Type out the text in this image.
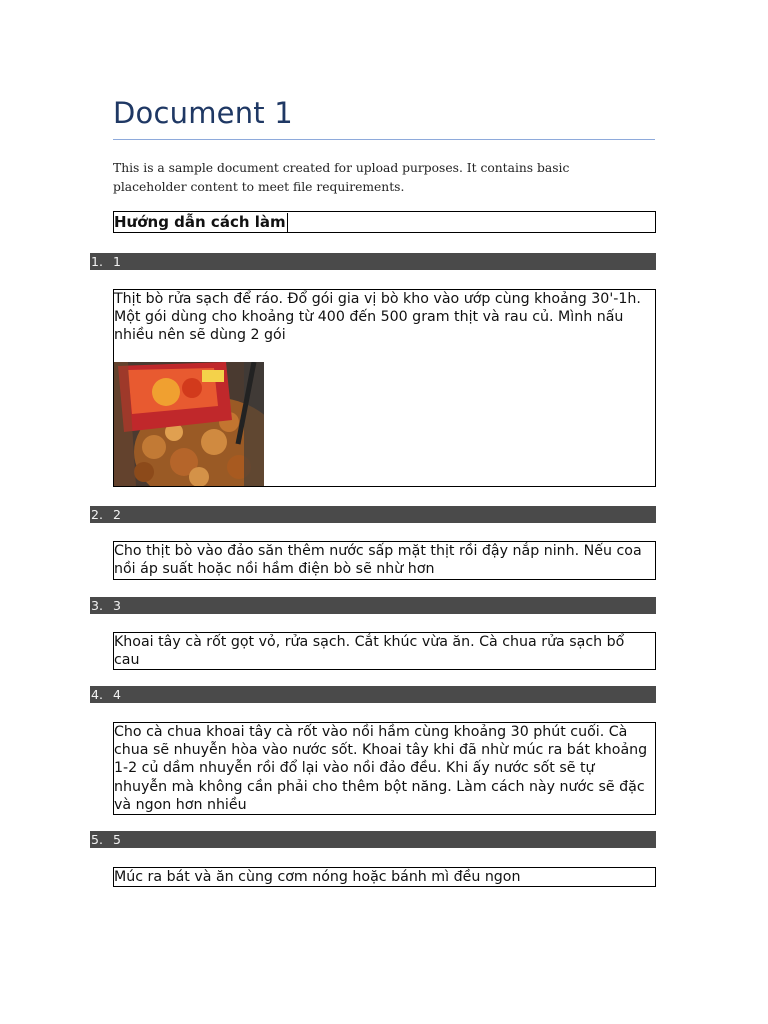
Document 1

This is a sample document created for upload purposes. It contains basic placeholder content to meet file requirements.

Hướng dẫn cách làm
1. 1
Thịt bò rửa sạch để ráo. Đổ gói gia vị bò kho vào ướp cùng khoảng 30'-1h. Một gói dùng cho khoảng từ 400 đến 500 gram thịt và rau củ. Mình nấu nhiều nên sẽ dùng 2 gói
2. 2
Cho thịt bò vào đảo săn thêm nước sấp mặt thịt rồi đậy nắp ninh. Nếu coa nồi áp suất hoặc nồi hầm điện bò sẽ nhừ hơn
3. 3
Khoai tây cà rốt gọt vỏ, rửa sạch. Cắt khúc vừa ăn. Cà chua rửa sạch bổ cau
4. 4
Cho cà chua khoai tây cà rốt vào nồi hầm cùng khoảng 30 phút cuối. Cà chua sẽ nhuyễn hòa vào nước sốt. Khoai tây khi đã nhừ múc ra bát khoảng 1-2 củ dầm nhuyễn rồi đổ lại vào nồi đảo đều. Khi ấy nước sốt sẽ tự nhuyễn mà không cần phải cho thêm bột năng. Làm cách này nước sẽ đặc và ngon hơn nhiều
5. 5
Múc ra bát và ăn cùng cơm nóng hoặc bánh mì đều ngon
